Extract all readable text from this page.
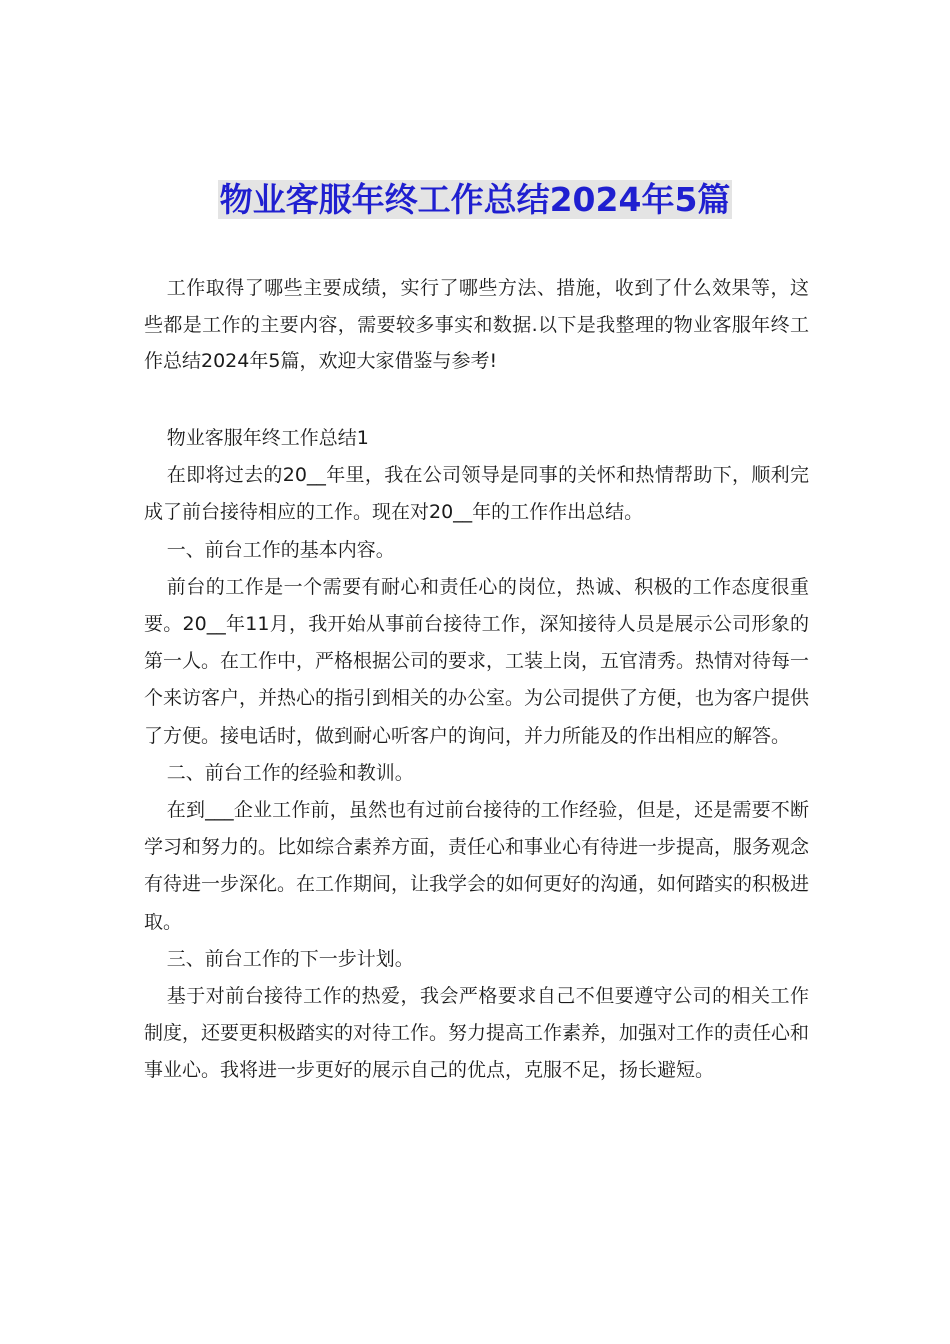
物业客服年终工作总结2024年5篇

工作取得了哪些主要成绩，实行了哪些方法、措施，收到了什么效果等，这些都是工作的主要内容，需要较多事实和数据.以下是我整理的物业客服年终工作总结2024年5篇，欢迎大家借鉴与参考!

物业客服年终工作总结1

在即将过去的20__年里，我在公司领导是同事的关怀和热情帮助下，顺利完成了前台接待相应的工作。现在对20__年的工作作出总结。

一、前台工作的基本内容。

前台的工作是一个需要有耐心和责任心的岗位，热诚、积极的工作态度很重要。20__年11月，我开始从事前台接待工作，深知接待人员是展示公司形象的第一人。在工作中，严格根据公司的要求，工装上岗，五官清秀。热情对待每一个来访客户，并热心的指引到相关的办公室。为公司提供了方便，也为客户提供了方便。接电话时，做到耐心听客户的询问，并力所能及的作出相应的解答。

二、前台工作的经验和教训。

在到___企业工作前，虽然也有过前台接待的工作经验，但是，还是需要不断学习和努力的。比如综合素养方面，责任心和事业心有待进一步提高，服务观念有待进一步深化。在工作期间，让我学会的如何更好的沟通，如何踏实的积极进取。

三、前台工作的下一步计划。

基于对前台接待工作的热爱，我会严格要求自己不但要遵守公司的相关工作制度，还要更积极踏实的对待工作。努力提高工作素养，加强对工作的责任心和事业心。我将进一步更好的展示自己的优点，克服不足，扬长避短。
